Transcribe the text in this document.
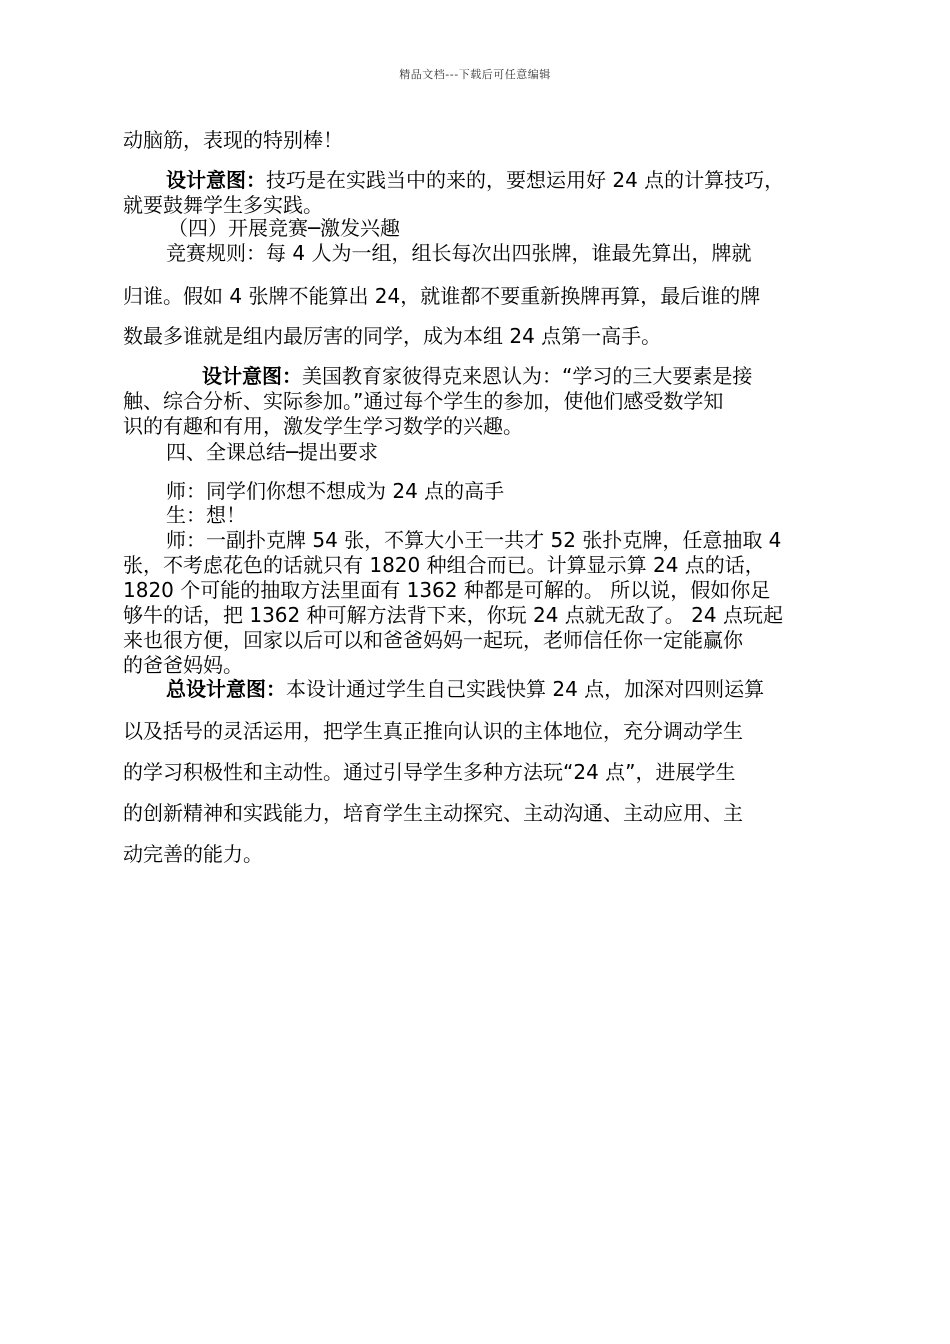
精品文档---下载后可任意编辑
动脑筋，表现的特别棒！
设计意图：技巧是在实践当中的来的，要想运用好 24 点的计算技巧，
就要鼓舞学生多实践。
（四）开展竞赛─激发兴趣
竞赛规则：每 4 人为一组，组长每次出四张牌，谁最先算出，牌就
归谁。假如 4 张牌不能算出 24，就谁都不要重新换牌再算，最后谁的牌
数最多谁就是组内最厉害的同学，成为本组 24 点第一高手。
设计意图：美国教育家彼得克来恩认为：“学习的三大要素是接
触、综合分析、实际参加。”通过每个学生的参加，使他们感受数学知
识的有趣和有用，激发学生学习数学的兴趣。
四、全课总结─提出要求
师：同学们你想不想成为 24 点的高手
生：想！
师：一副扑克牌 54 张，不算大小王一共才 52 张扑克牌，任意抽取 4
张，不考虑花色的话就只有 1820 种组合而已。计算显示算 24 点的话，
1820 个可能的抽取方法里面有 1362 种都是可解的。 所以说，假如你足
够牛的话，把 1362 种可解方法背下来，你玩 24 点就无敌了。 24 点玩起
来也很方便，回家以后可以和爸爸妈妈一起玩，老师信任你一定能赢你
的爸爸妈妈。
总设计意图：本设计通过学生自己实践快算 24 点，加深对四则运算
以及括号的灵活运用，把学生真正推向认识的主体地位，充分调动学生
的学习积极性和主动性。通过引导学生多种方法玩“24 点”，进展学生
的创新精神和实践能力，培育学生主动探究、主动沟通、主动应用、主
动完善的能力。
